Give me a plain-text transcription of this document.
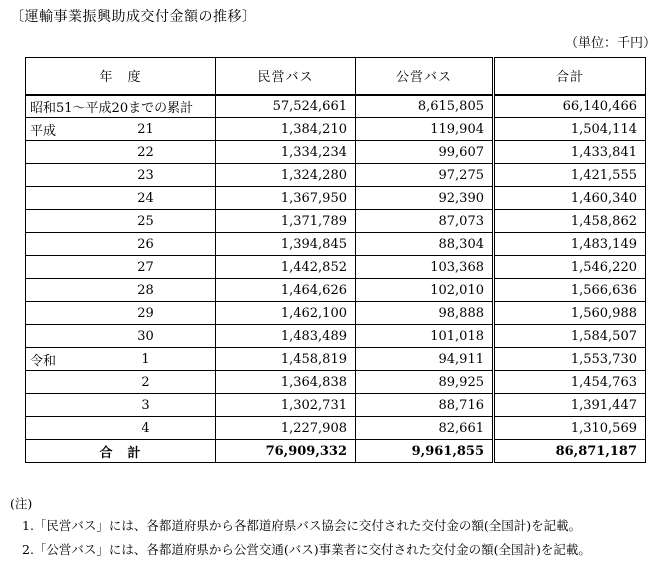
〔運輸事業振興助成交付金額の推移〕
（単位：千円）
年　度	民営バス	公営バス	合計
昭和51～平成20までの累計	57,524,661	8,615,805	66,140,466

平成 21	1,384,210	119,904	1,504,114

22	1,334,234	99,607	1,433,841

23	1,324,280	97,275	1,421,555

24	1,367,950	92,390	1,460,340

25	1,371,789	87,073	1,458,862

26	1,394,845	88,304	1,483,149

27	1,442,852	103,368	1,546,220

28	1,464,626	102,010	1,566,636

29	1,462,100	98,888	1,560,988

30	1,483,489	101,018	1,584,507

令和 1	1,458,819	94,911	1,553,730

2	1,364,838	89,925	1,454,763

3	1,302,731	88,716	1,391,447

4	1,227,908	82,661	1,310,569
合　計	76,909,332	9,961,855	86,871,187
(注)
1.「民営バス」には、各都道府県から各都道府県バス協会に交付された交付金の額(全国計)を記載。
2.「公営バス」には、各都道府県から公営交通(バス)事業者に交付された交付金の額(全国計)を記載。
